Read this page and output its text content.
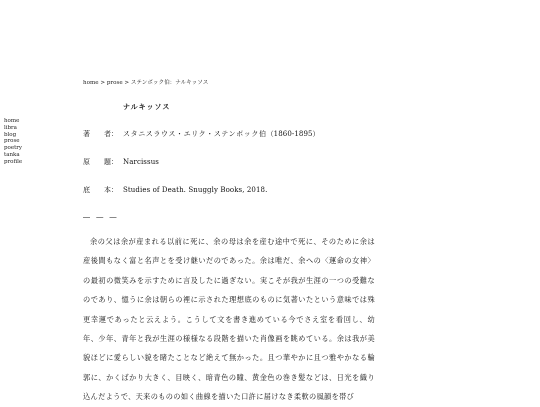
home
libra
blog
prose
poetry
tanka
profile
home > prose > ステンボック伯：ナルキッソス
ナルキッソス
著　　者： スタニスラウス・エリク・ステンボック伯（1860-1895）
原　　題： Narcissus
底　　本： Studies of Death. Snuggly Books, 2018.
― ― ―

余の父は余が産まれる以前に死に、余の母は余を産む途中で死に、そのために余は産後間もなく富と名声とを受け継いだのであった。余は唯だ、余への〈運命の女神〉の最初の微笑みを示すために言及したに過ぎない。実こそが我が生涯の一つの受難なのであり、憶うに余は朝らの裡に示された理想底のものに気著いたという意味では殊更幸運であったと云えよう。こうして文を書き進めている今でさえ室を看回し、幼年、少年、青年と我が生涯の様様なる段階を描いた肖像画を眺めている。余は我が美貌ほどに愛らしい貌を睹たことなど絶えて無かった。且つ華やかに且つ雅やかなる輪郭に、かくばかり大きく、目映く、暗青色の瞳、黄金色の巻き髪などは、日光を織り込んだようで、天来のものの如く曲線を描いた口許に届けなき柔軟の風韻を帯び
